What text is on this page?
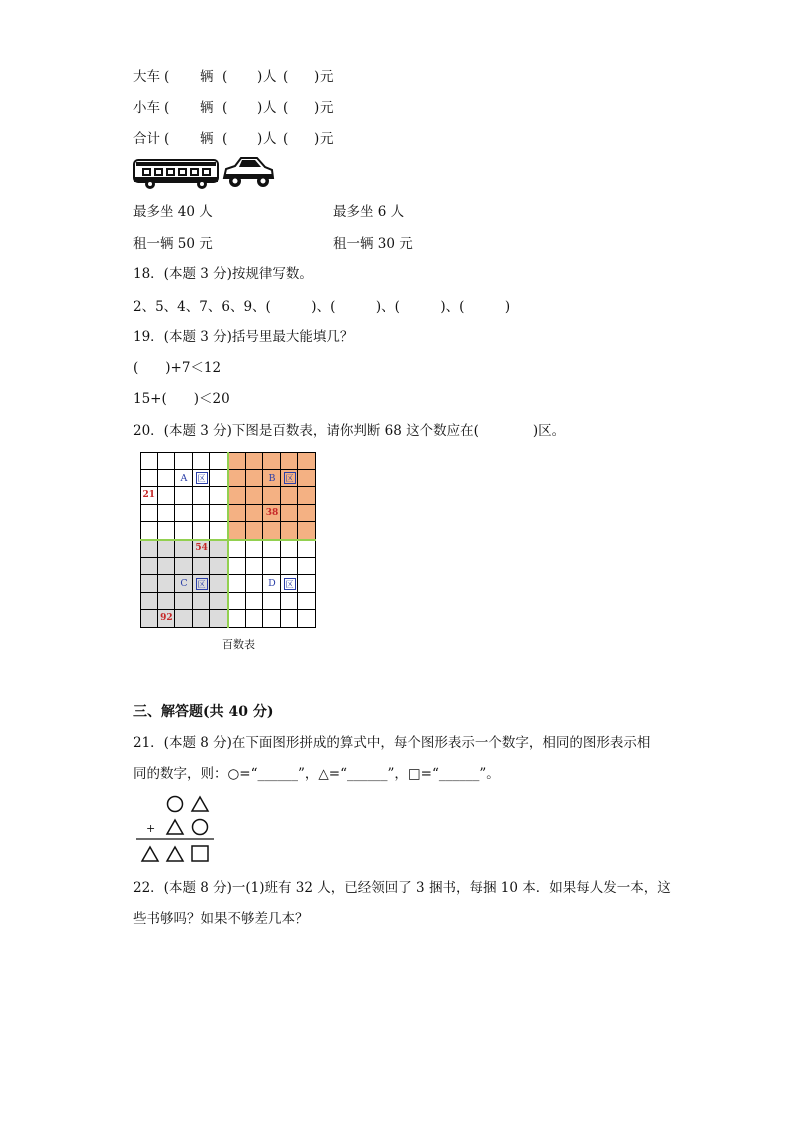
大车 ( 辆 ( ) 人 ( ) 元
小车 ( 辆 ( ) 人 ( ) 元
合计 ( 辆 ( ) 人 ( ) 元
最多坐 40 人	最多坐 6 人
租一辆 50 元	租一辆 30 元
18．(本题 3 分)按规律写数。
2、5、4、7、6、9、(　　　)、(　　　)、(　　　)、(　　　)
19．(本题 3 分)括号里最大能填几？
(　　)+7＜12
15+(　　)＜20
20．(本题 3 分)下图是百数表，请你判断 68 这个数应在(　　　　)区。
21
38
54
92
A	区	B	区
C	区	D	区
百数表
三、解答题(共 40 分)
21．(本题 8 分)在下面图形拼成的算式中，每个图形表示一个数字，相同的图形表示相
同的数字，则：○=“______”，△=“______”，□=“______”。
+
22．(本题 8 分)一(1)班有 32 人，已经领回了 3 捆书，每捆 10 本．如果每人发一本，这
些书够吗？如果不够差几本？
